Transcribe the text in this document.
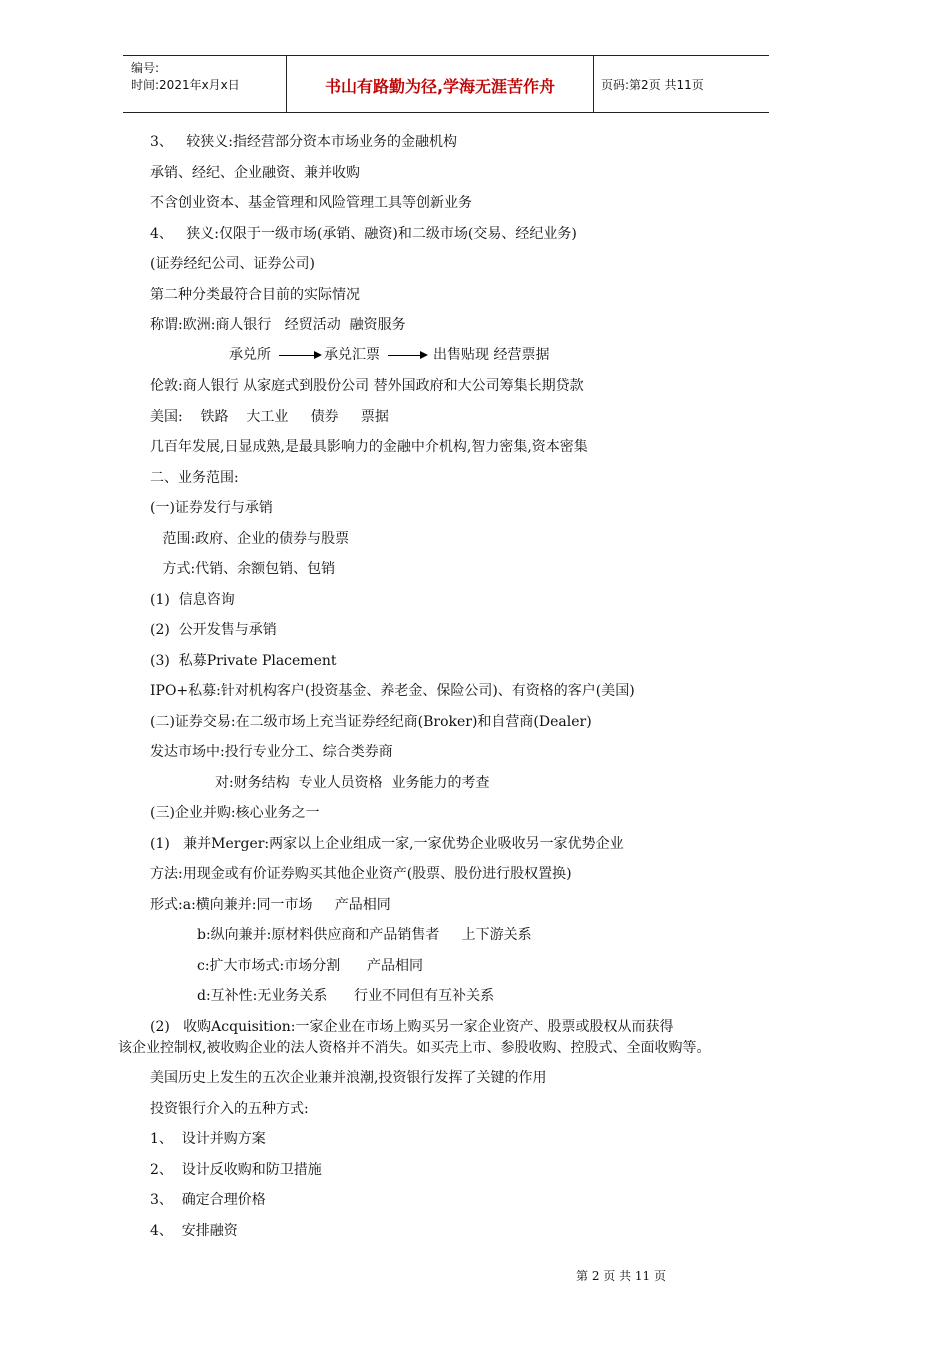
编号:
时间:2021年x月x日	书山有路勤为径,学海无涯苦作舟	页码:第2页 共11页
3、   较狭义:指经营部分资本市场业务的金融机构
承销、经纪、企业融资、兼并收购
不含创业资本、基金管理和风险管理工具等创新业务
4、   狭义:仅限于一级市场(承销、融资)和二级市场(交易、经纪业务)
(证券经纪公司、证券公司)
第二种分类最符合目前的实际情况
称谓:欧洲:商人银行   经贸活动  融资服务
承兑所	承兑汇票	出售贴现 经营票据
伦敦:商人银行 从家庭式到股份公司 替外国政府和大公司筹集长期贷款
美国:    铁路    大工业     债券     票据
几百年发展,日显成熟,是最具影响力的金融中介机构,智力密集,资本密集
二、业务范围:
(一)证券发行与承销
范围:政府、企业的债券与股票
方式:代销、余额包销、包销
(1)  信息咨询
(2)  公开发售与承销
(3)  私募Private Placement
IPO+私募:针对机构客户(投资基金、养老金、保险公司)、有资格的客户(美国)
(二)证券交易:在二级市场上充当证券经纪商(Broker)和自营商(Dealer)
发达市场中:投行专业分工、综合类券商
对:财务结构  专业人员资格  业务能力的考查
(三)企业并购:核心业务之一
(1)   兼并Merger:两家以上企业组成一家,一家优势企业吸收另一家优势企业
方法:用现金或有价证券购买其他企业资产(股票、股份进行股权置换)
形式:a:横向兼并:同一市场     产品相同
b:纵向兼并:原材料供应商和产品销售者     上下游关系
c:扩大市场式:市场分割      产品相同
d:互补性:无业务关系      行业不同但有互补关系
(2)   收购Acquisition:一家企业在市场上购买另一家企业资产、股票或股权从而获得
该企业控制权,被收购企业的法人资格并不消失。如买壳上市、参股收购、控股式、全面收购等。
美国历史上发生的五次企业兼并浪潮,投资银行发挥了关键的作用
投资银行介入的五种方式:
1、  设计并购方案
2、  设计反收购和防卫措施
3、  确定合理价格
4、  安排融资
第 2 页 共 11 页
